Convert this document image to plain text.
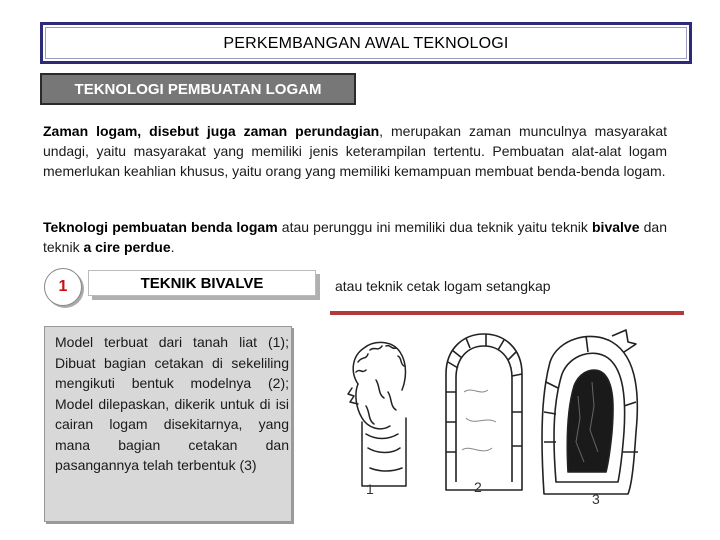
PERKEMBANGAN AWAL TEKNOLOGI
TEKNOLOGI PEMBUATAN LOGAM
Zaman logam, disebut juga zaman perundagian, merupakan zaman munculnya masyarakat undagi, yaitu masyarakat yang memiliki jenis keterampilan tertentu. Pembuatan alat-alat logam memerlukan keahlian khusus, yaitu orang yang memiliki kemampuan membuat benda-benda logam.
Teknologi pembuatan benda logam atau perunggu ini memiliki dua teknik yaitu teknik bivalve dan teknik a cire perdue.
1	TEKNIK BIVALVE	atau teknik cetak logam setangkap
Model terbuat dari tanah liat (1); Dibuat bagian cetakan di sekeliling mengikuti bentuk modelnya (2); Model dilepaskan, dikerik untuk di isi cairan logam disekitarnya, yang mana bagian cetakan dan pasangannya telah terbentuk (3)
1	2
3
